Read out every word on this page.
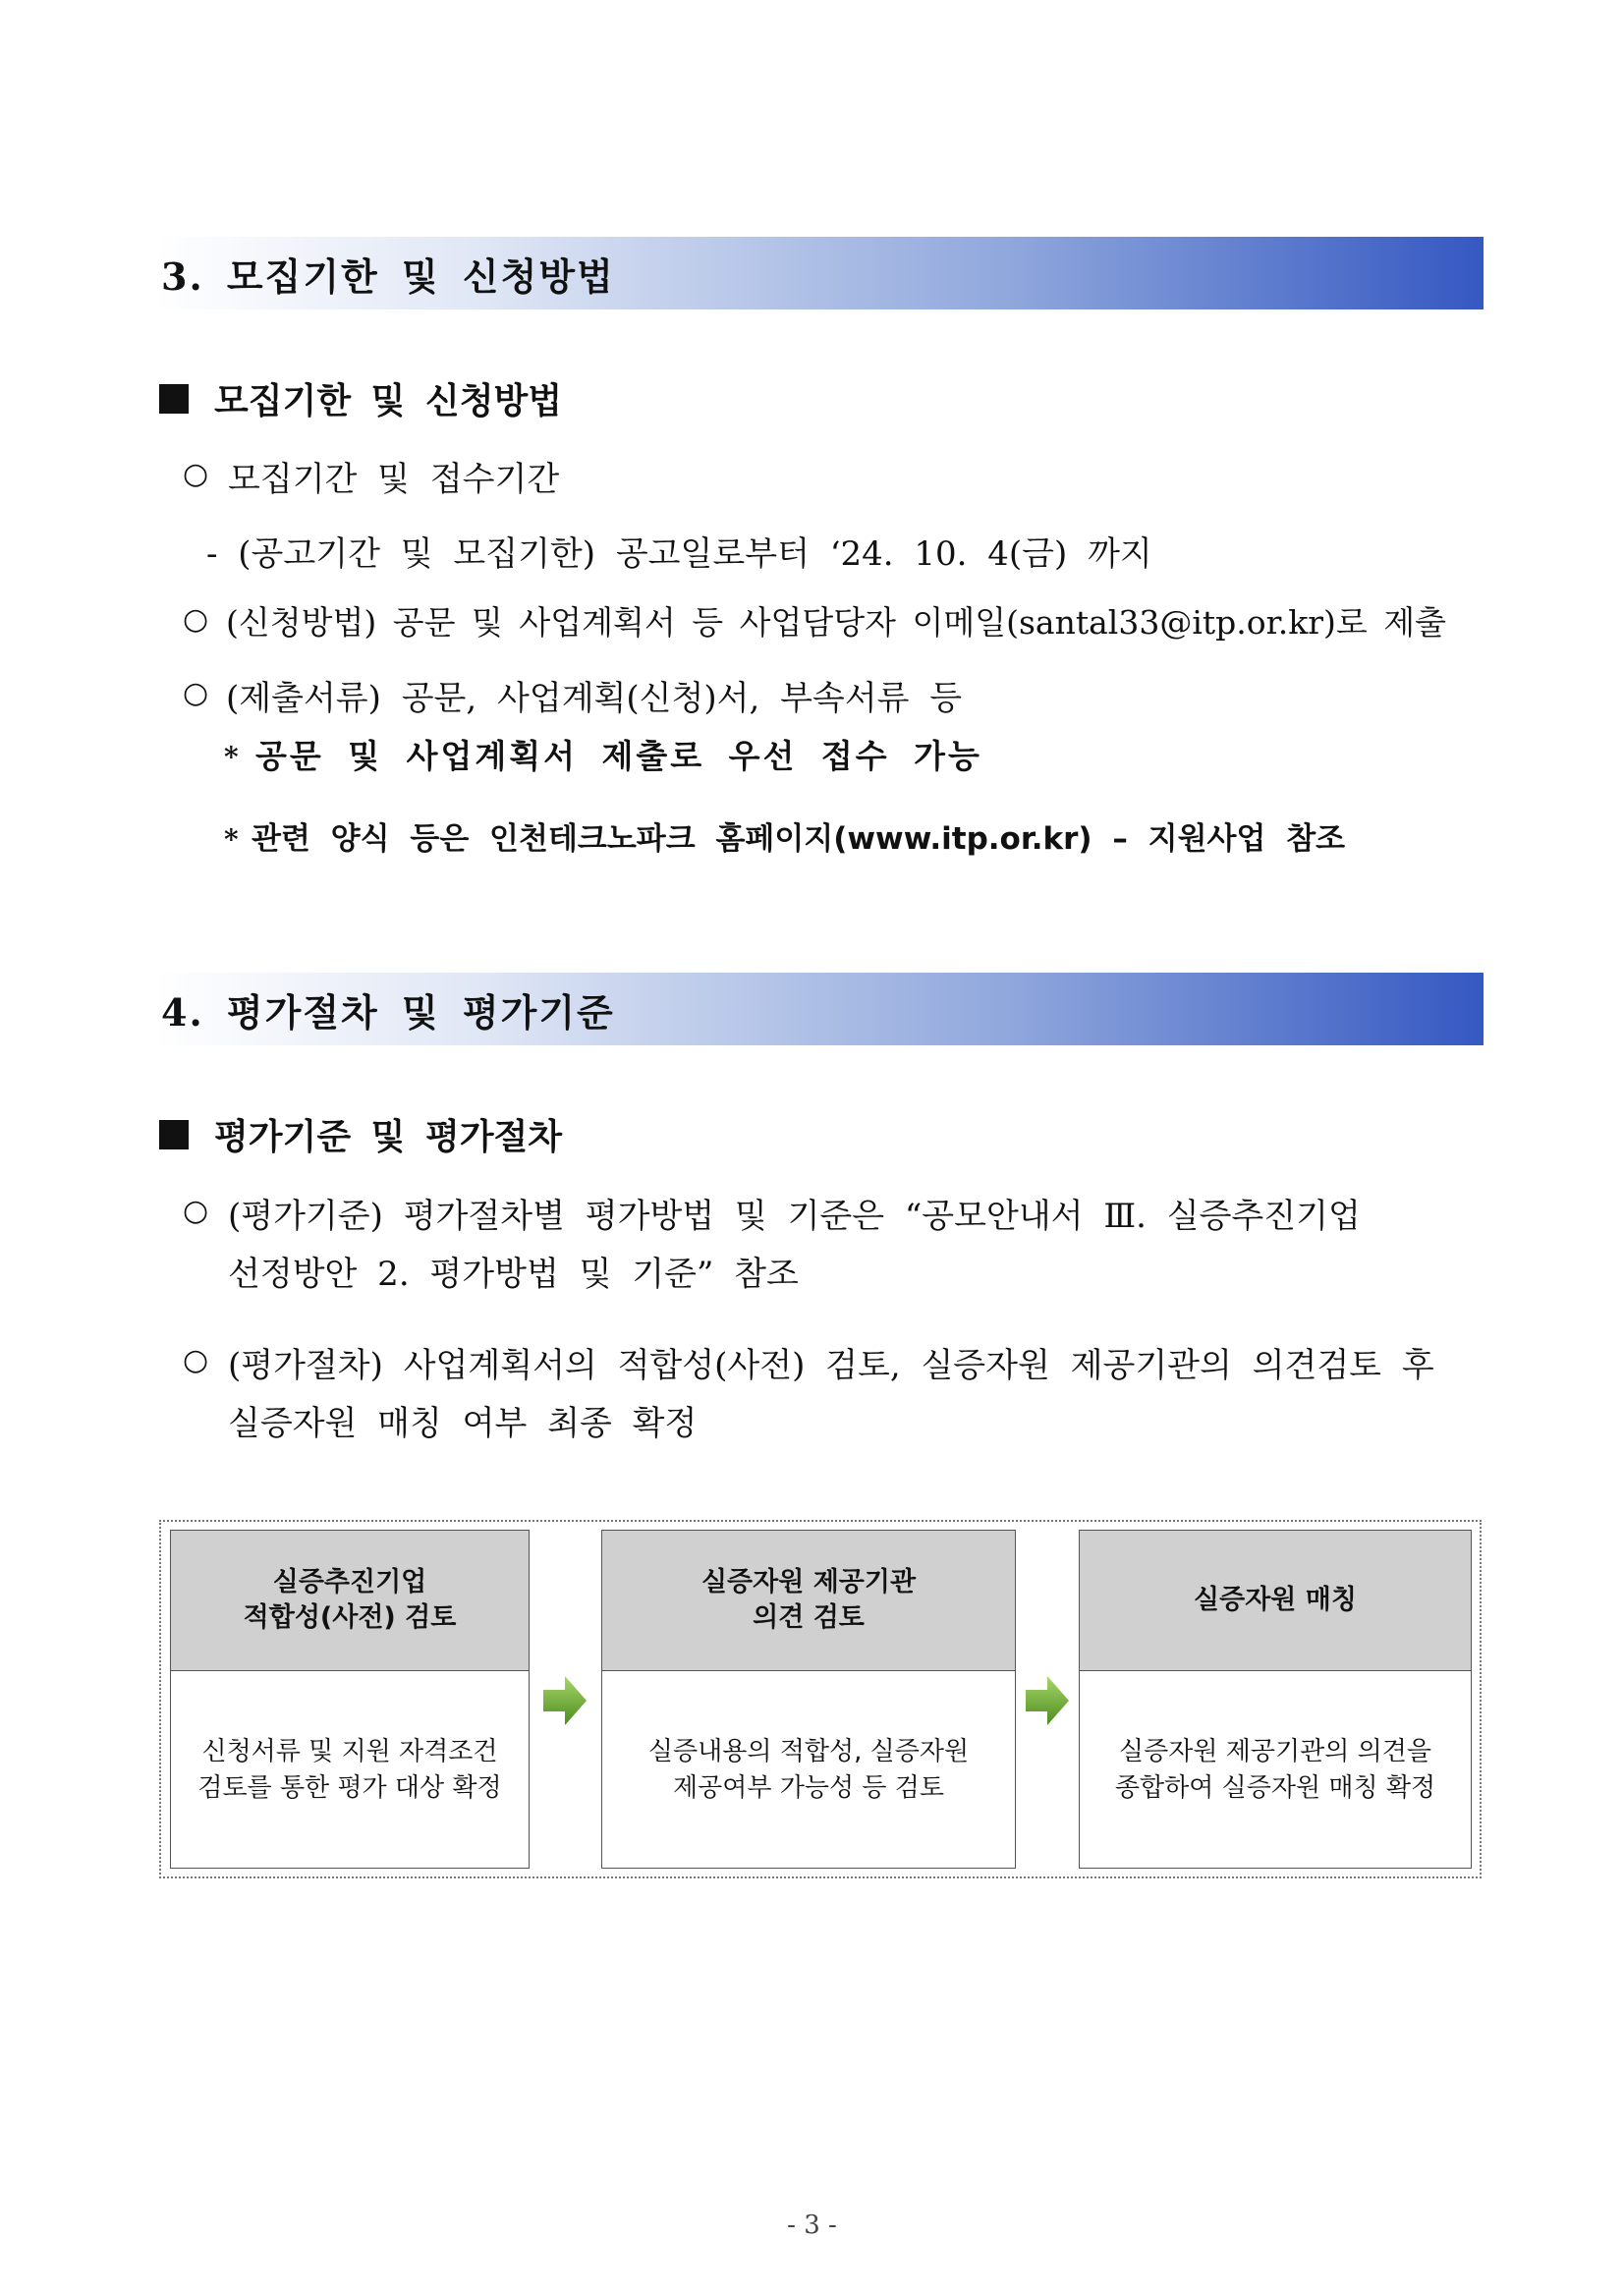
3. 모집기한 및 신청방법
모집기한 및 신청방법
○ 모집기간 및 접수기간
- (공고기간 및 모집기한) 공고일로부터 ‘24. 10. 4(금) 까지
○ (신청방법) 공문 및 사업계획서 등 사업담당자 이메일(santal33@itp.or.kr)로 제출
○ (제출서류) 공문, 사업계획(신청)서, 부속서류 등
* 공문 및 사업계획서 제출로 우선 접수 가능
* 관련 양식 등은 인천테크노파크 홈페이지(www.itp.or.kr) – 지원사업 참조
4. 평가절차 및 평가기준
평가기준 및 평가절차
○ (평가기준) 평가절차별 평가방법 및 기준은 “공모안내서 Ⅲ. 실증추진기업
선정방안 2. 평가방법 및 기준” 참조
○ (평가절차) 사업계획서의 적합성(사전) 검토, 실증자원 제공기관의 의견검토 후
실증자원 매칭 여부 최종 확정
실증추진기업
적합성(사전) 검토
신청서류 및 지원 자격조건
검토를 통한 평가 대상 확정
실증자원 제공기관
의견 검토
실증내용의 적합성, 실증자원
제공여부 가능성 등 검토
실증자원 매칭
실증자원 제공기관의 의견을
종합하여 실증자원 매칭 확정
- 3 -
